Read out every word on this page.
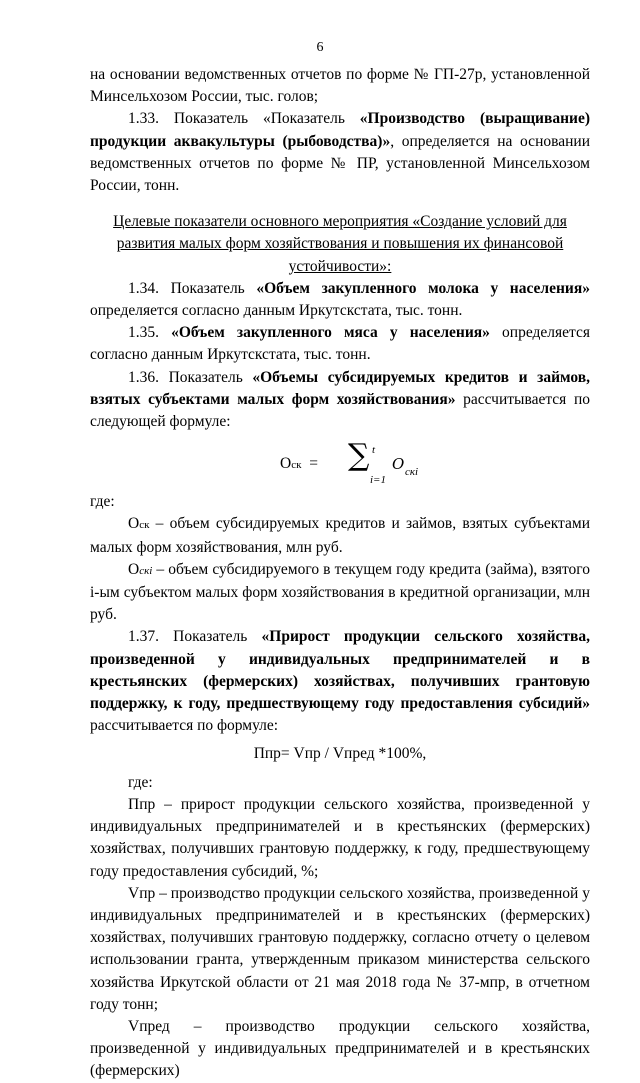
6

на основании ведомственных отчетов по форме № ГП-27р, установленной Минсельхозом России, тыс. голов;

1.33. Показатель «Показатель «Производство (выращивание) продукции аквакультуры (рыбоводства)», определяется на основании ведомственных отчетов по форме № ПР, установленной Минсельхозом России, тонн.

Целевые показатели основного мероприятия «Создание условий для развития малых форм хозяйствования и повышения их финансовой устойчивости»:

1.34. Показатель «Объем закупленного молока у населения» определяется согласно данным Иркутскстата, тыс. тонн.

1.35. «Объем закупленного мяса у населения» определяется согласно данным Иркутскстата, тыс. тонн.

1.36. Показатель «Объемы субсидируемых кредитов и займов, взятых субъектами малых форм хозяйствования» рассчитывается по следующей формуле:

Оск = ∑ t
i=1
O скi

где:

Оск – объем субсидируемых кредитов и займов, взятых субъектами малых форм хозяйствования, млн руб.

Оскi – объем субсидируемого в текущем году кредита (займа), взятого i-ым субъектом малых форм хозяйствования в кредитной организации, млн руб.

1.37. Показатель «Прирост продукции сельского хозяйства, произведенной у индивидуальных предпринимателей и в крестьянских (фермерских) хозяйствах, получивших грантовую поддержку, к году, предшествующему году предоставления субсидий» рассчитывается по формуле:

Ппр= Vпр / Vпред *100%,

где:

Ппр – прирост продукции сельского хозяйства, произведенной у индивидуальных предпринимателей и в крестьянских (фермерских) хозяйствах, получивших грантовую поддержку, к году, предшествующему году предоставления субсидий, %;

Vпр – производство продукции сельского хозяйства, произведенной у индивидуальных предпринимателей и в крестьянских (фермерских) хозяйствах, получивших грантовую поддержку, согласно отчету о целевом использовании гранта, утвержденным приказом министерства сельского хозяйства Иркутской области от 21 мая 2018 года № 37-мпр, в отчетном году тонн;

Vпред – производство продукции сельского хозяйства, произведенной у индивидуальных предпринимателей и в крестьянских (фермерских)
